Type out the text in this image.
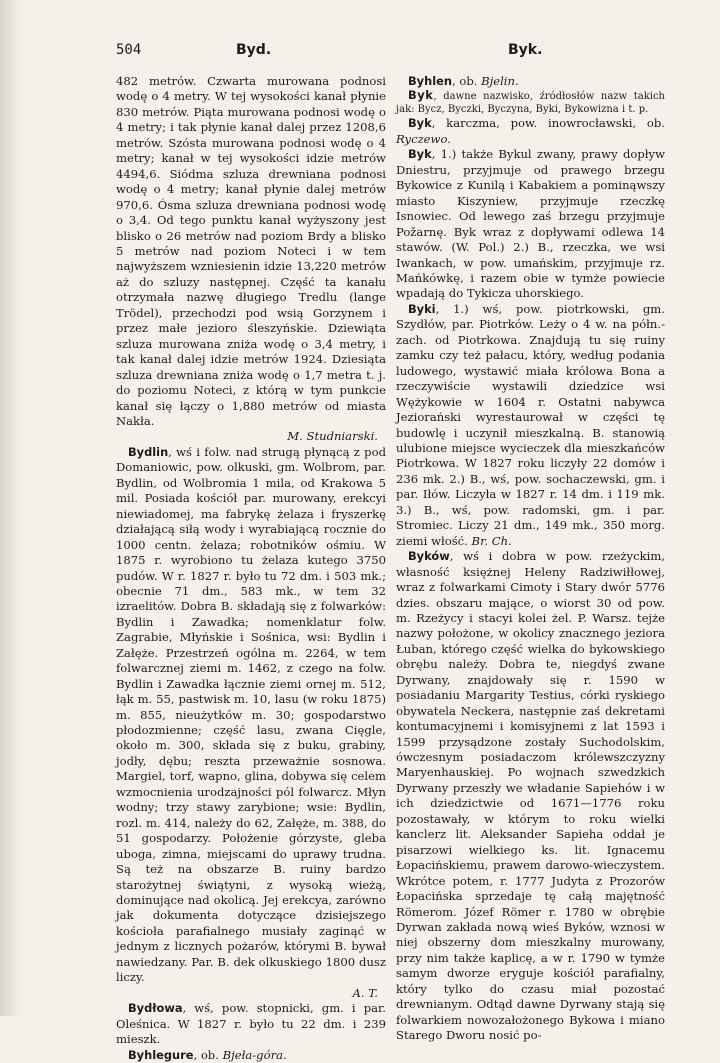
504	Byd.	Byk.

482 metrów. Czwarta murowana podnosi wodę o 4 metry. W tej wysokości kanał płynie 830 metrów. Piąta murowana podnosi wodę o 4 metry; i tak płynie kanał dalej przez 1208,6 metrów. Szósta murowana podnosi wodę o 4 metry; kanał w tej wysokości idzie metrów 4494,6. Siódma szluza drewniana podnosi wodę o 4 metry; kanał płynie dalej metrów 970,6. Ósma szluza drewniana podnosi wodę o 3,4. Od tego punktu kanał wyżyszony jest blisko o 26 metrów nad poziom Brdy a blisko 5 metrów nad poziom Noteci i w tem najwyższem wzniesienin idzie 13,220 metrów aż do szluzy następnej. Część ta kanału otrzymała nazwę długiego Tredlu (lange Trödel), przechodzi pod wsią Gorzynem i przez małe jezioro śleszyńskie. Dziewiąta szluza murowana zniża wodę o 3,4 metry, i tak kanał dalej idzie metrów 1924. Dziesiąta szluza drewniana zniża wodę o 1,7 metra t. j. do poziomu Noteci, z którą w tym punkcie kanał się łączy o 1,880 metrów od miasta Nakła.
M. Studniarski.

Bydlin, wś i folw. nad strugą płynącą z pod Domaniowic, pow. olkuski, gm. Wolbrom, par. Bydlin, od Wolbromia 1 mila, od Krakowa 5 mil. Posiada kościół par. murowany, erekcyi niewiadomej, ma fabrykę żelaza i fryszerkę działającą siłą wody i wyrabiającą rocznie do 1000 centn. żelaza; robotników ośmiu. W 1875 r. wyrobiono tu żelaza kutego 3750 pudów. W r. 1827 r. było tu 72 dm. i 503 mk.; obecnie 71 dm., 583 mk., w tem 32 izraelitów. Dobra B. składają się z folwarków: Bydlin i Zawadka; nomenklatur folw. Zagrabie, Młyńskie i Sośnica, wsi: Bydlin i Załęże. Przestrzeń ogólna m. 2264, w tem folwarcznej ziemi m. 1462, z czego na folw. Bydlin i Zawadka łącznie ziemi ornej m. 512, łąk m. 55, pastwisk m. 10, lasu (w roku 1875) m. 855, nieużytków m. 30; gospodarstwo płodozmienne; część lasu, zwana Cięgle, około m. 300, składa się z buku, grabiny, jodły, dębu; reszta przeważnie sosnowa. Margiel, torf, wapno, glina, dobywa się celem wzmocnienia urodzajności pól folwarcz. Młyn wodny; trzy stawy zarybione; wsie: Bydlin, rozl. m. 414, należy do 62, Załęże, m. 388, do 51 gospodarzy. Położenie górzyste, gleba uboga, zimna, miejscami do uprawy trudna. Są też na obszarze B. ruiny bardzo starożytnej świątyni, z wysoką wieżą, dominujące nad okolicą. Jej erekcya, zarówno jak dokumenta dotyczące dzisiejszego kościoła parafialnego musiały zaginąć w jednym z licznych pożarów, którymi B. bywał nawiedzany. Par. B. dek olkuskiego 1800 dusz liczy.
A. T.

Bydłowa, wś, pow. stopnicki, gm. i par. Oleśnica. W 1827 r. było tu 22 dm. i 239 mieszk.

Byhlegure, ob. Bjeła-góra.

Byhlen, ob. Bjelin.

Byk, dawne nazwisko, źródłosłów nazw takich jak: Bycz, Byczki, Byczyna, Byki, Bykowizna i t. p.

Byk, karczma, pow. inowrocławski, ob. Ryczewo.

Byk, 1.) także Bykul zwany, prawy dopływ Dniestru, przyjmuje od prawego brzegu Bykowice z Kunilą i Kabakiem a pominąwszy miasto Kiszyniew, przyjmuje rzeczkę Isnowiec. Od lewego zaś brzegu przyjmuje Požarnę. Byk wraz z dopływami odlewa 14 stawów. (W. Pol.) 2.) B., rzeczka, we wsi Iwankach, w pow. umańskim, przyjmuje rz. Mańkówkę, i razem obie w tymże powiecie wpadają do Tykicza uhorskiego.

Byki, 1.) wś, pow. piotrkowski, gm. Szydłów, par. Piotrków. Leży o 4 w. na półn.-zach. od Piotrkowa. Znajdują tu się ruiny zamku czy też pałacu, który, według podania ludowego, wystawić miała królowa Bona a rzeczywiście wystawili dziedzice wsi Wężykowie w 1604 r. Ostatni nabywca Jeziorański wyrestaurował w części tę budowlę i uczynił mieszkalną. B. stanowią ulubione miejsce wycieczek dla mieszkańców Piotrkowa. W 1827 roku liczyły 22 domów i 236 mk. 2.) B., wś, pow. sochaczewski, gm. i par. Iłów. Liczyła w 1827 r. 14 dm. i 119 mk. 3.) B., wś, pow. radomski, gm. i par. Stromiec. Liczy 21 dm., 149 mk., 350 morg. ziemi włość. Br. Ch.

Byków, wś i dobra w pow. rzeżyckim, własność księżnej Heleny Radziwiłłowej, wraz z folwarkami Cimoty i Stary dwór 5776 dzies. obszaru mające, o wiorst 30 od pow. m. Rzeżycy i stacyi kolei żel. P. Warsz. tejże nazwy położone, w okolicy znacznego jeziora Łuban, którego część wielka do bykowskiego obrębu należy. Dobra te, niegdyś zwane Dyrwany, znajdowały się r. 1590 w posiadaniu Margarity Testius, córki ryskiego obywatela Neckera, następnie zaś dekretami kontumacyjnemi i komisyjnemi z lat 1593 i 1599 przysądzone zostały Suchodolskim, ówczesnym posiadaczom królewszczyzny Maryenhauskiej. Po wojnach szwedzkich Dyrwany przeszły we władanie Sapiehów i w ich dziedzictwie od 1671—1776 roku pozostawały, w którym to roku wielki kanclerz lit. Aleksander Sapieha oddał je pisarzowi wielkiego ks. lit. Ignacemu Łopacińskiemu, prawem darowo-wieczystem. Wkrótce potem, r. 1777 Judyta z Prozorów Łopacińska sprzedaje tę całą majętność Römerom. Józef Römer r. 1780 w obrębie Dyrwan zakłada nową wieś Byków, wznosi w niej obszerny dom mieszkalny murowany, przy nim także kaplicę, a w r. 1790 w tymże samym dworze eryguje kościół parafialny, który tylko do czasu miał pozostać drewnianym. Odtąd dawne Dyrwany stają się folwarkiem nowozałożonego Bykowa i miano Starego Dworu nosić po-
